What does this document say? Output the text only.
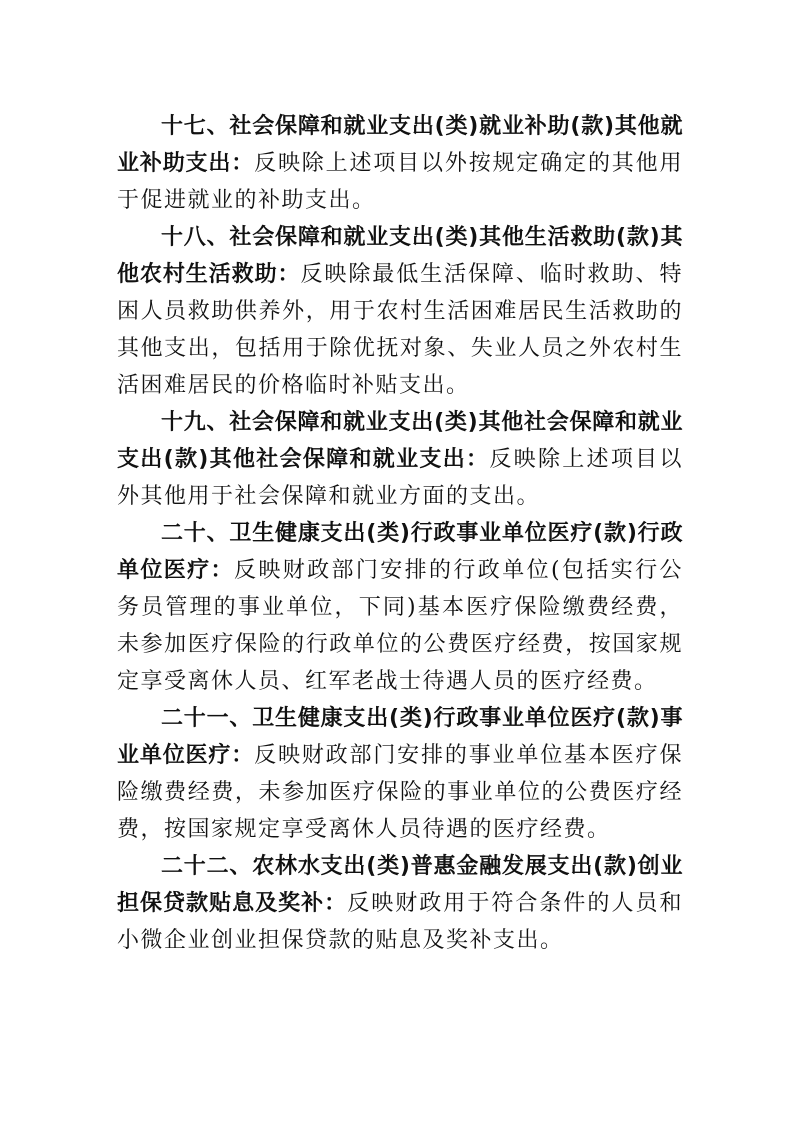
十七、社会保障和就业支出(类)就业补助(款)其他就业补助支出：反映除上述项目以外按规定确定的其他用于促进就业的补助支出。

十八、社会保障和就业支出(类)其他生活救助(款)其他农村生活救助：反映除最低生活保障、临时救助、特困人员救助供养外，用于农村生活困难居民生活救助的其他支出，包括用于除优抚对象、失业人员之外农村生活困难居民的价格临时补贴支出。

十九、社会保障和就业支出(类)其他社会保障和就业支出(款)其他社会保障和就业支出：反映除上述项目以外其他用于社会保障和就业方面的支出。

二十、卫生健康支出(类)行政事业单位医疗(款)行政单位医疗：反映财政部门安排的行政单位(包括实行公务员管理的事业单位，下同)基本医疗保险缴费经费，未参加医疗保险的行政单位的公费医疗经费，按国家规定享受离休人员、红军老战士待遇人员的医疗经费。

二十一、卫生健康支出(类)行政事业单位医疗(款)事业单位医疗：反映财政部门安排的事业单位基本医疗保险缴费经费，未参加医疗保险的事业单位的公费医疗经费，按国家规定享受离休人员待遇的医疗经费。

二十二、农林水支出(类)普惠金融发展支出(款)创业担保贷款贴息及奖补：反映财政用于符合条件的人员和小微企业创业担保贷款的贴息及奖补支出。
